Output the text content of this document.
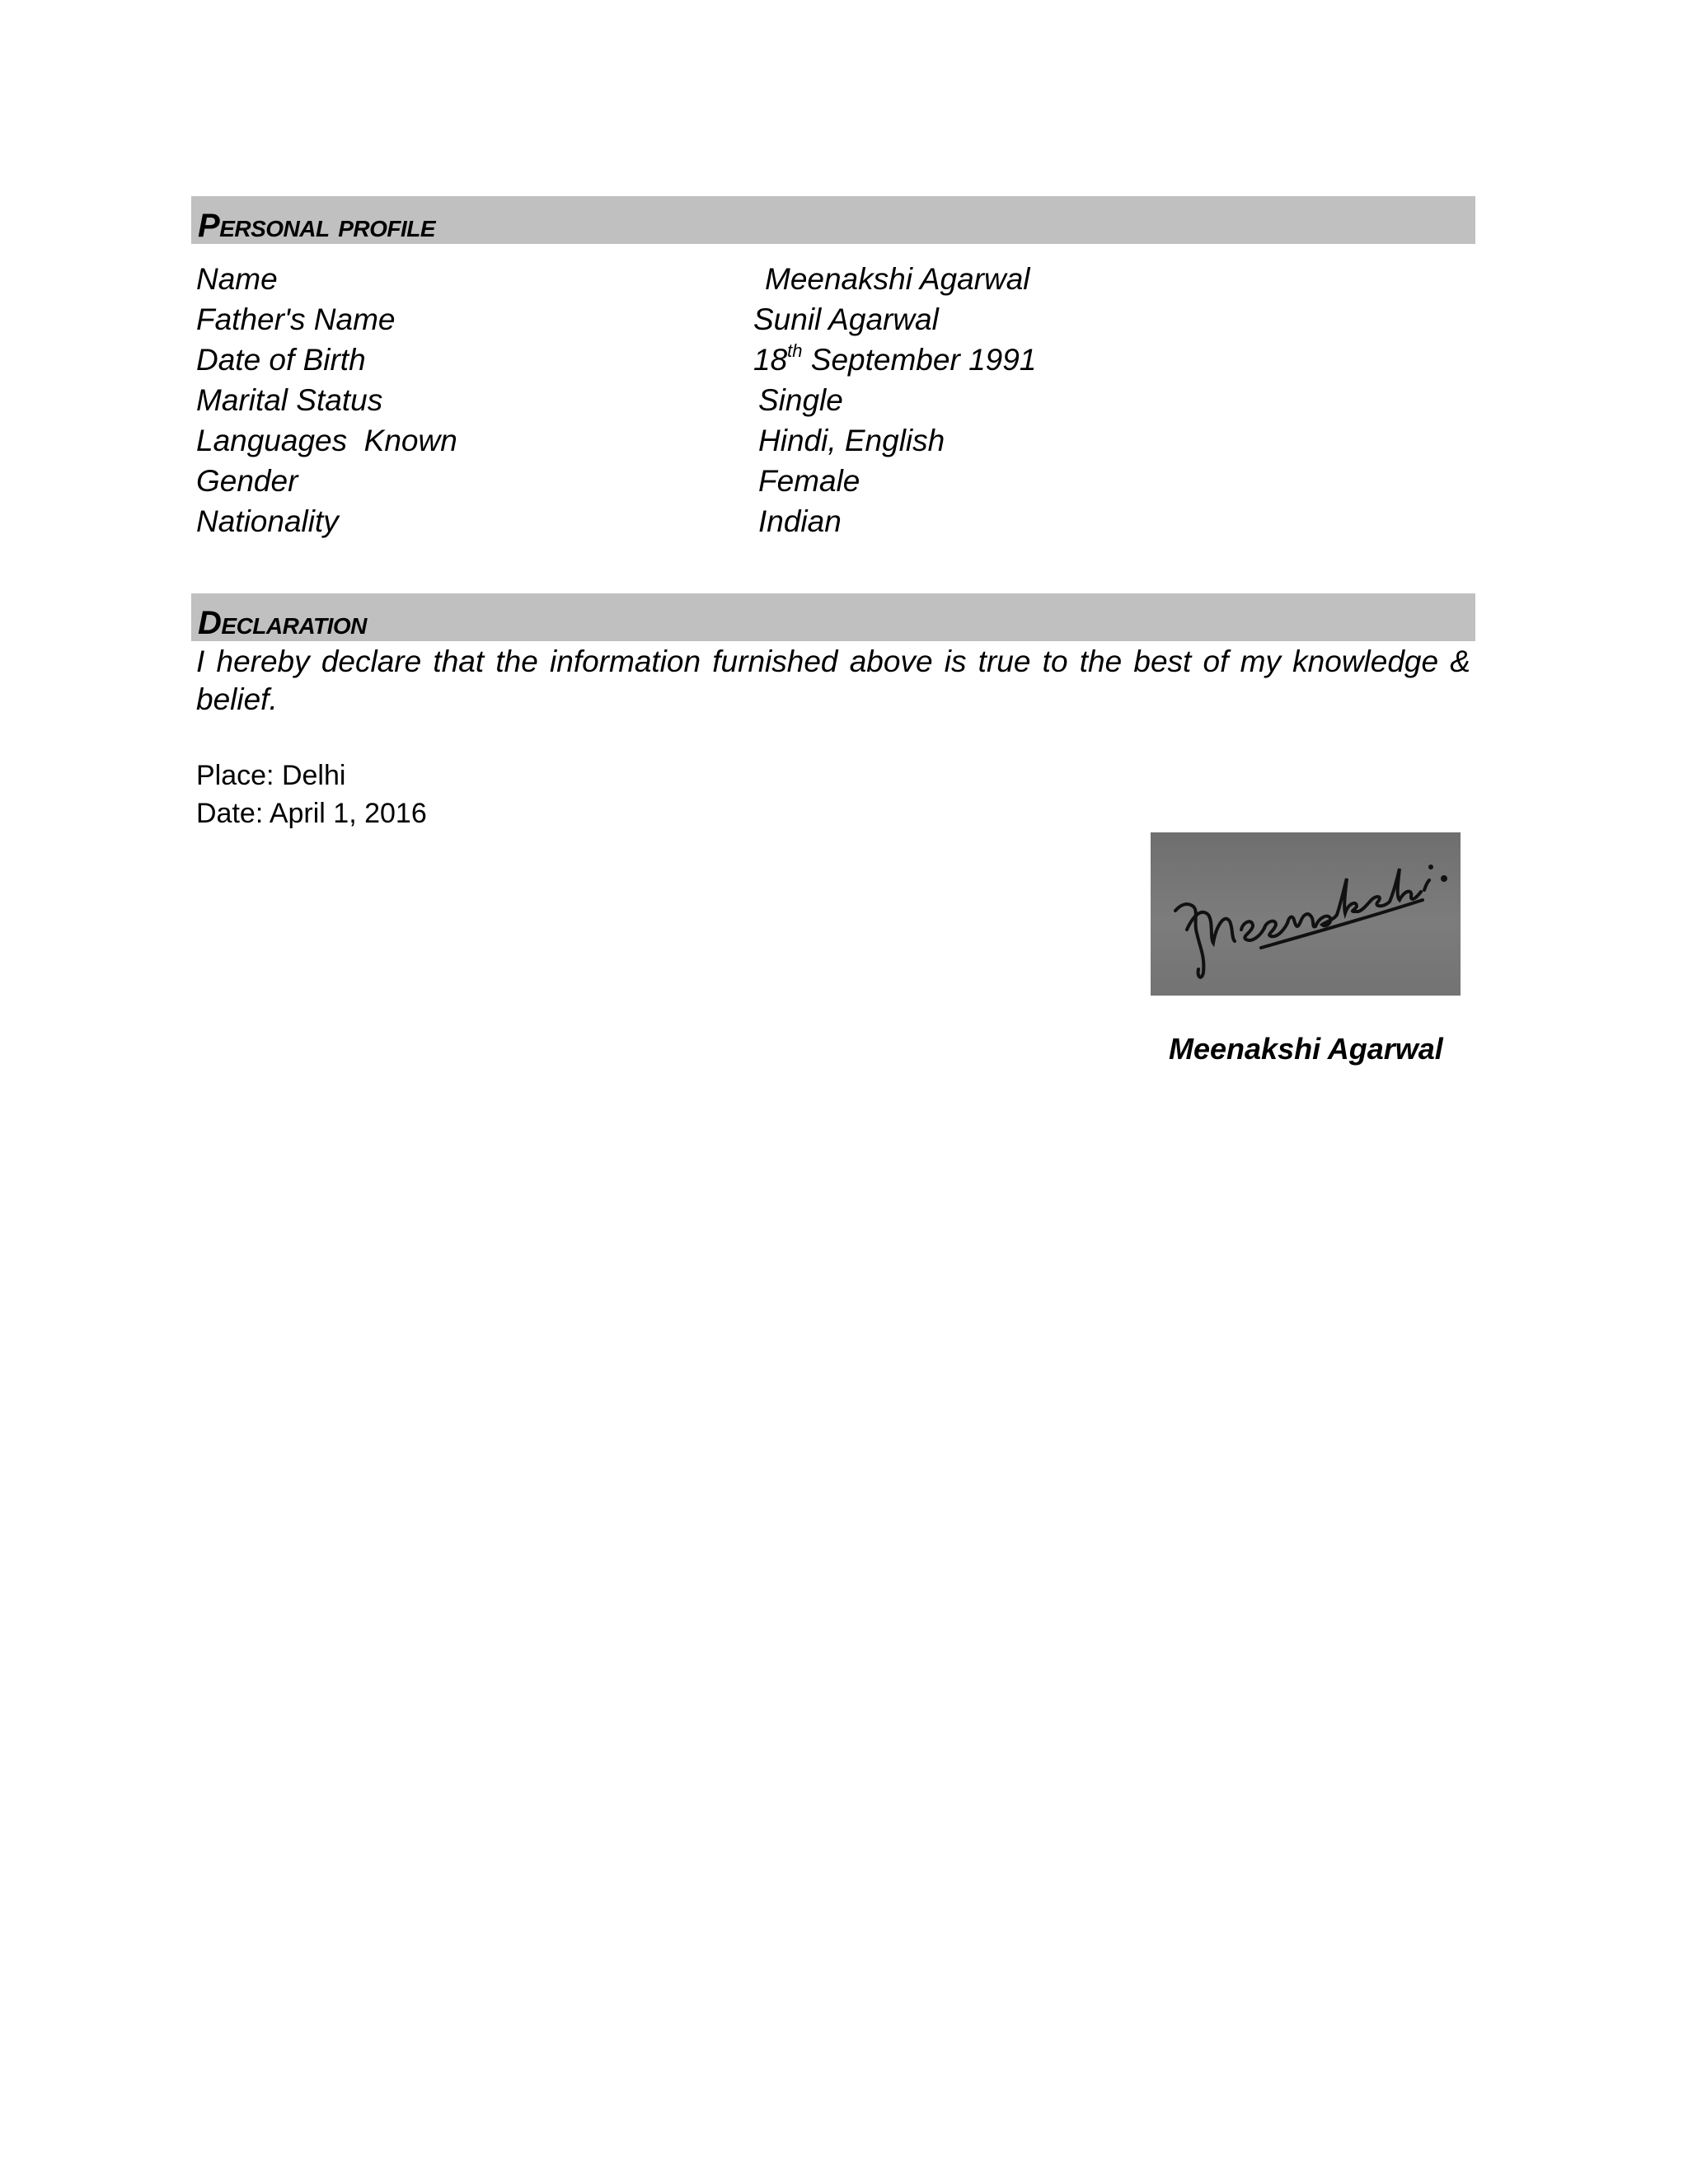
Personal profile
Name	Meenakshi Agarwal
Father's Name	Sunil Agarwal
Date of Birth	18th September 1991
Marital Status	Single
Languages  Known	Hindi, English
Gender	Female
Nationality	Indian
Declaration
I hereby declare that the information furnished above is true to the best of my knowledge & belief.
Place: Delhi
Date: April 1, 2016
Meenakshi Agarwal
